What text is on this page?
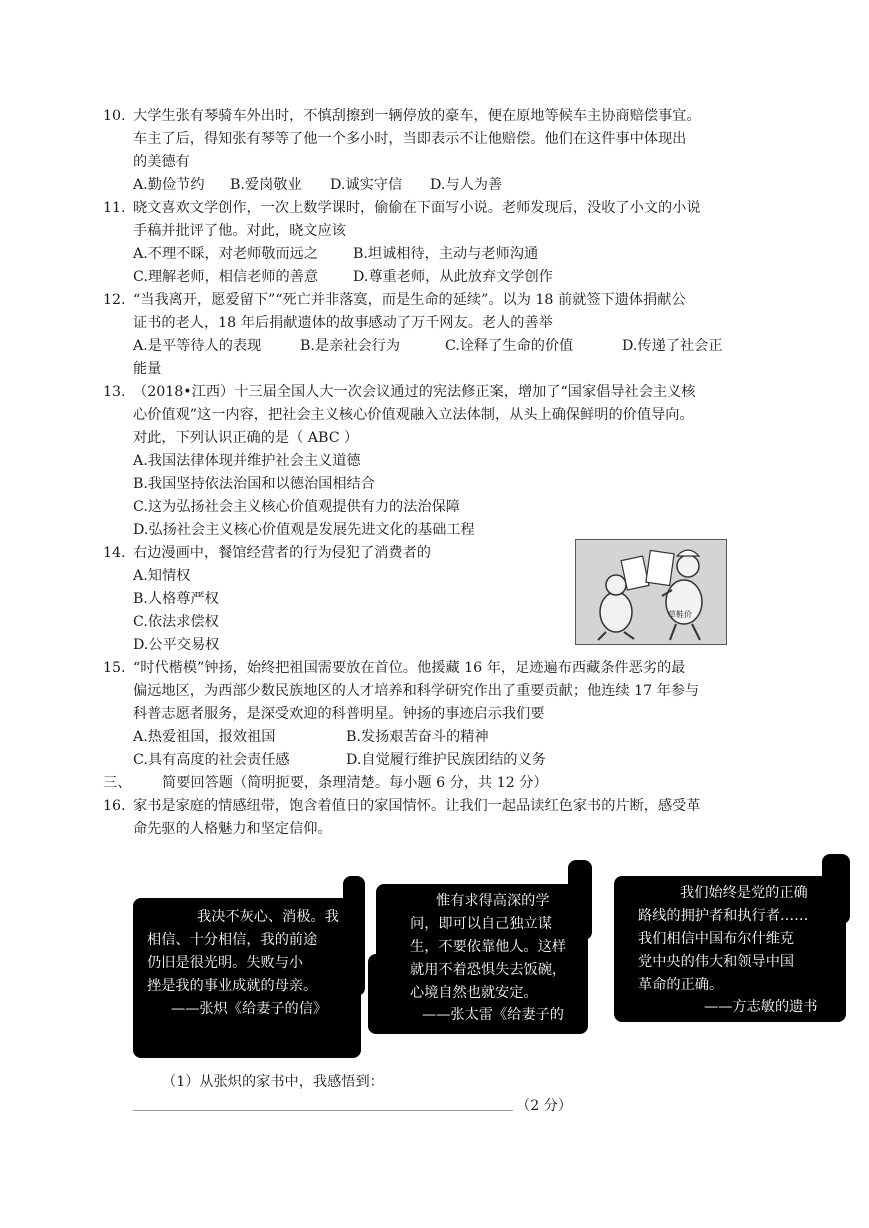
10. 大学生张有琴骑车外出时，不慎刮擦到一辆停放的豪车，便在原地等候车主协商赔偿事宜。
车主了后，得知张有琴等了他一个多小时，当即表示不让他赔偿。他们在这件事中体现出
的美德有
A.勤俭节约 B.爱岗敬业 D.诚实守信 D.与人为善
11. 晓文喜欢文学创作，一次上数学课时，偷偷在下面写小说。老师发现后，没收了小文的小说
手稿并批评了他。对此，晓文应该
A.不理不睬，对老师敬而远之 B.坦诚相待，主动与老师沟通
C.理解老师，相信老师的善意 D.尊重老师，从此放弃文学创作
12. “当我离开，愿爱留下”“死亡并非落寞，而是生命的延续”。以为 18 前就签下遗体捐献公
证书的老人，18 年后捐献遗体的故事感动了万千网友。老人的善举
A.是平等待人的表现	B.是亲社会行为	C.诠释了生命的价值	D.传递了社会正
能量
13. （2018•江西）十三届全国人大一次会议通过的宪法修正案，增加了“国家倡导社会主义核
心价值观”这一内容，把社会主义核心价值观融入立法体制，从头上确保鲜明的价值导向。
对此，下列认识正确的是（ ABC ）
A.我国法律体现并维护社会主义道德
B.我国坚持依法治国和以德治国相结合
C.这为弘扬社会主义核心价值观提供有力的法治保障
D.弘扬社会主义核心价值观是发展先进文化的基础工程
14. 右边漫画中，餐馆经营者的行为侵犯了消费者的
A.知情权
B.人格尊严权
C.依法求偿权
D.公平交易权
草鞋价
15. “时代楷模”钟扬，始终把祖国需要放在首位。他援藏 16 年，足迹遍布西藏条件恶劣的最
偏远地区，为西部少数民族地区的人才培养和科学研究作出了重要贡献；他连续 17 年参与
科普志愿者服务，是深受欢迎的科普明星。钟扬的事迹启示我们要
A.热爱祖国，报效祖国	B.发扬艰苦奋斗的精神
C.具有高度的社会责任感	D.自觉履行维护民族团结的义务
三、 简要回答题（简明扼要，条理清楚。每小题 6 分，共 12 分）
16. 家书是家庭的情感纽带，饱含着值日的家国情怀。让我们一起品读红色家书的片断，感受革
命先驱的人格魅力和坚定信仰。
我决不灰心、消极。我
相信、十分相信，我的前途
仍旧是很光明。失败与小
挫是我的事业成就的母亲。
——张炽《给妻子的信》
惟有求得高深的学
问，即可以自己独立谋
生，不要依靠他人。这样
就用不着恐惧失去饭碗，
心境自然也就安定。
——张太雷《给妻子的
我们始终是党的正确
路线的拥护者和执行者……
我们相信中国布尔什维克
党中央的伟大和领导中国
革命的正确。
——方志敏的遗书
（1）从张炽的家书中，我感悟到：
（2 分）
